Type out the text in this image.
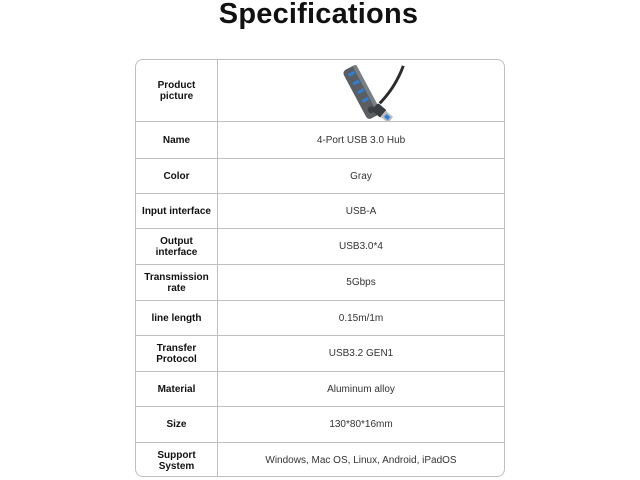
Specifications
Product picture
Name	4-Port USB 3.0 Hub
Color	Gray
Input interface	USB-A
Output interface	USB3.0*4
Transmission
rate	5Gbps
line length	0.15m/1m
Transfer
Protocol	USB3.2 GEN1
Material	Aluminum alloy
Size	130*80*16mm
Support
System	Windows, Mac OS, Linux, Android, iPadOS
